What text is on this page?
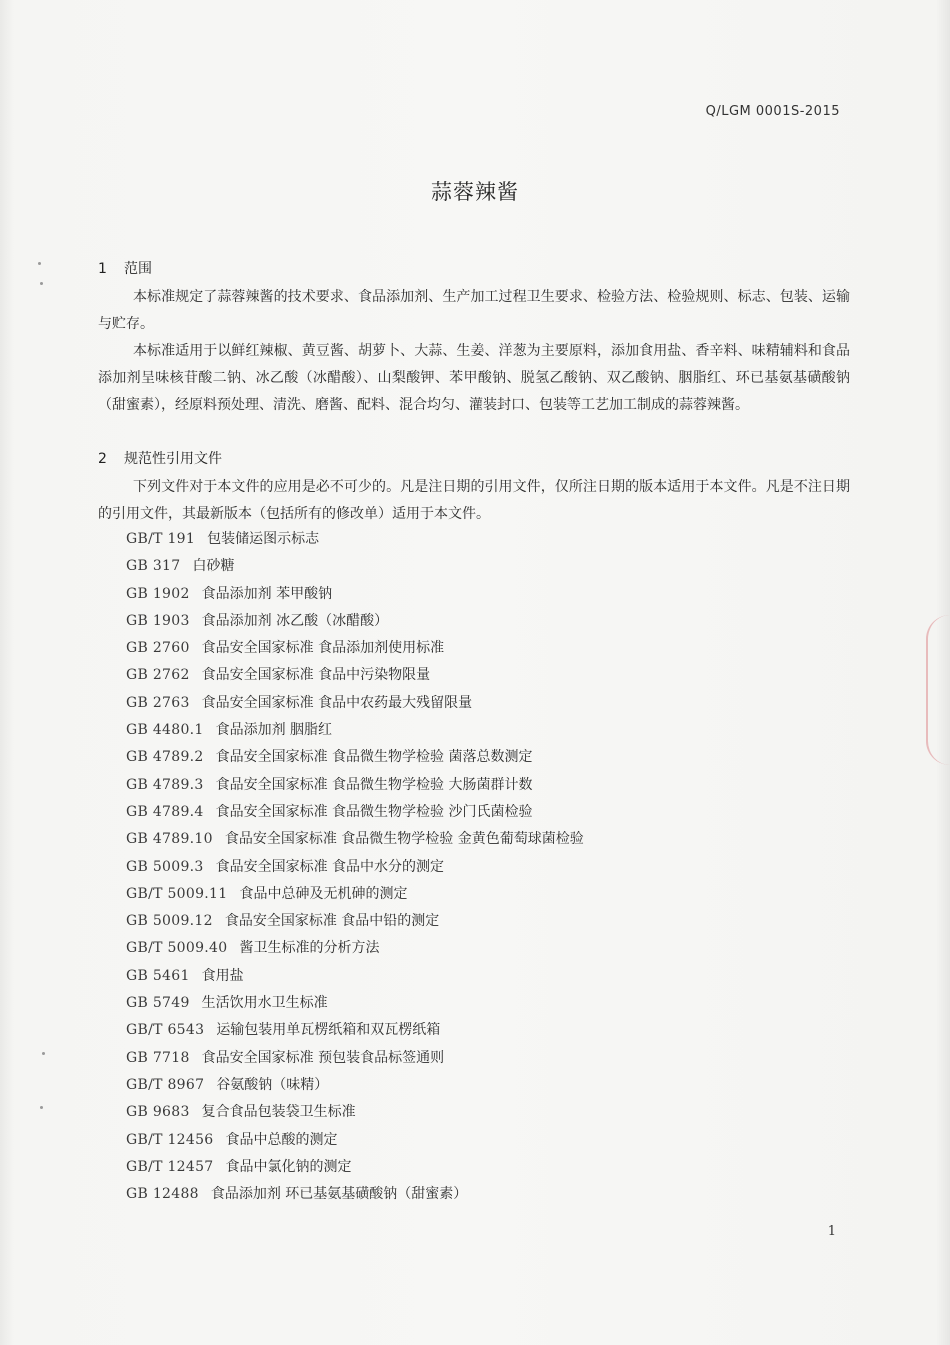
Q/LGM 0001S-2015
蒜蓉辣酱
1 范围

本标准规定了蒜蓉辣酱的技术要求、食品添加剂、生产加工过程卫生要求、检验方法、检验规则、标志、包装、运输与贮存。

本标准适用于以鲜红辣椒、黄豆酱、胡萝卜、大蒜、生姜、洋葱为主要原料，添加食用盐、香辛料、味精辅料和食品添加剂呈味核苷酸二钠、冰乙酸（冰醋酸）、山梨酸钾、苯甲酸钠、脱氢乙酸钠、双乙酸钠、胭脂红、环已基氨基磺酸钠（甜蜜素），经原料预处理、清洗、磨酱、配料、混合均匀、灌装封口、包装等工艺加工制成的蒜蓉辣酱。

2 规范性引用文件

下列文件对于本文件的应用是必不可少的。凡是注日期的引用文件，仅所注日期的版本适用于本文件。凡是不注日期的引用文件，其最新版本（包括所有的修改单）适用于本文件。

GB/T 191 包装储运图示标志
GB 317 白砂糖
GB 1902 食品添加剂 苯甲酸钠
GB 1903 食品添加剂 冰乙酸（冰醋酸）
GB 2760 食品安全国家标准 食品添加剂使用标准
GB 2762 食品安全国家标准 食品中污染物限量
GB 2763 食品安全国家标准 食品中农药最大残留限量
GB 4480.1 食品添加剂 胭脂红
GB 4789.2 食品安全国家标准 食品微生物学检验 菌落总数测定
GB 4789.3 食品安全国家标准 食品微生物学检验 大肠菌群计数
GB 4789.4 食品安全国家标准 食品微生物学检验 沙门氏菌检验
GB 4789.10 食品安全国家标准 食品微生物学检验 金黄色葡萄球菌检验
GB 5009.3 食品安全国家标准 食品中水分的测定
GB/T 5009.11 食品中总砷及无机砷的测定
GB 5009.12 食品安全国家标准 食品中铅的测定
GB/T 5009.40 酱卫生标准的分析方法
GB 5461 食用盐
GB 5749 生活饮用水卫生标准
GB/T 6543 运输包装用单瓦楞纸箱和双瓦楞纸箱
GB 7718 食品安全国家标准 预包装食品标签通则
GB/T 8967 谷氨酸钠（味精）
GB 9683 复合食品包装袋卫生标准
GB/T 12456 食品中总酸的测定
GB/T 12457 食品中氯化钠的测定
GB 12488 食品添加剂 环已基氨基磺酸钠（甜蜜素）
1
